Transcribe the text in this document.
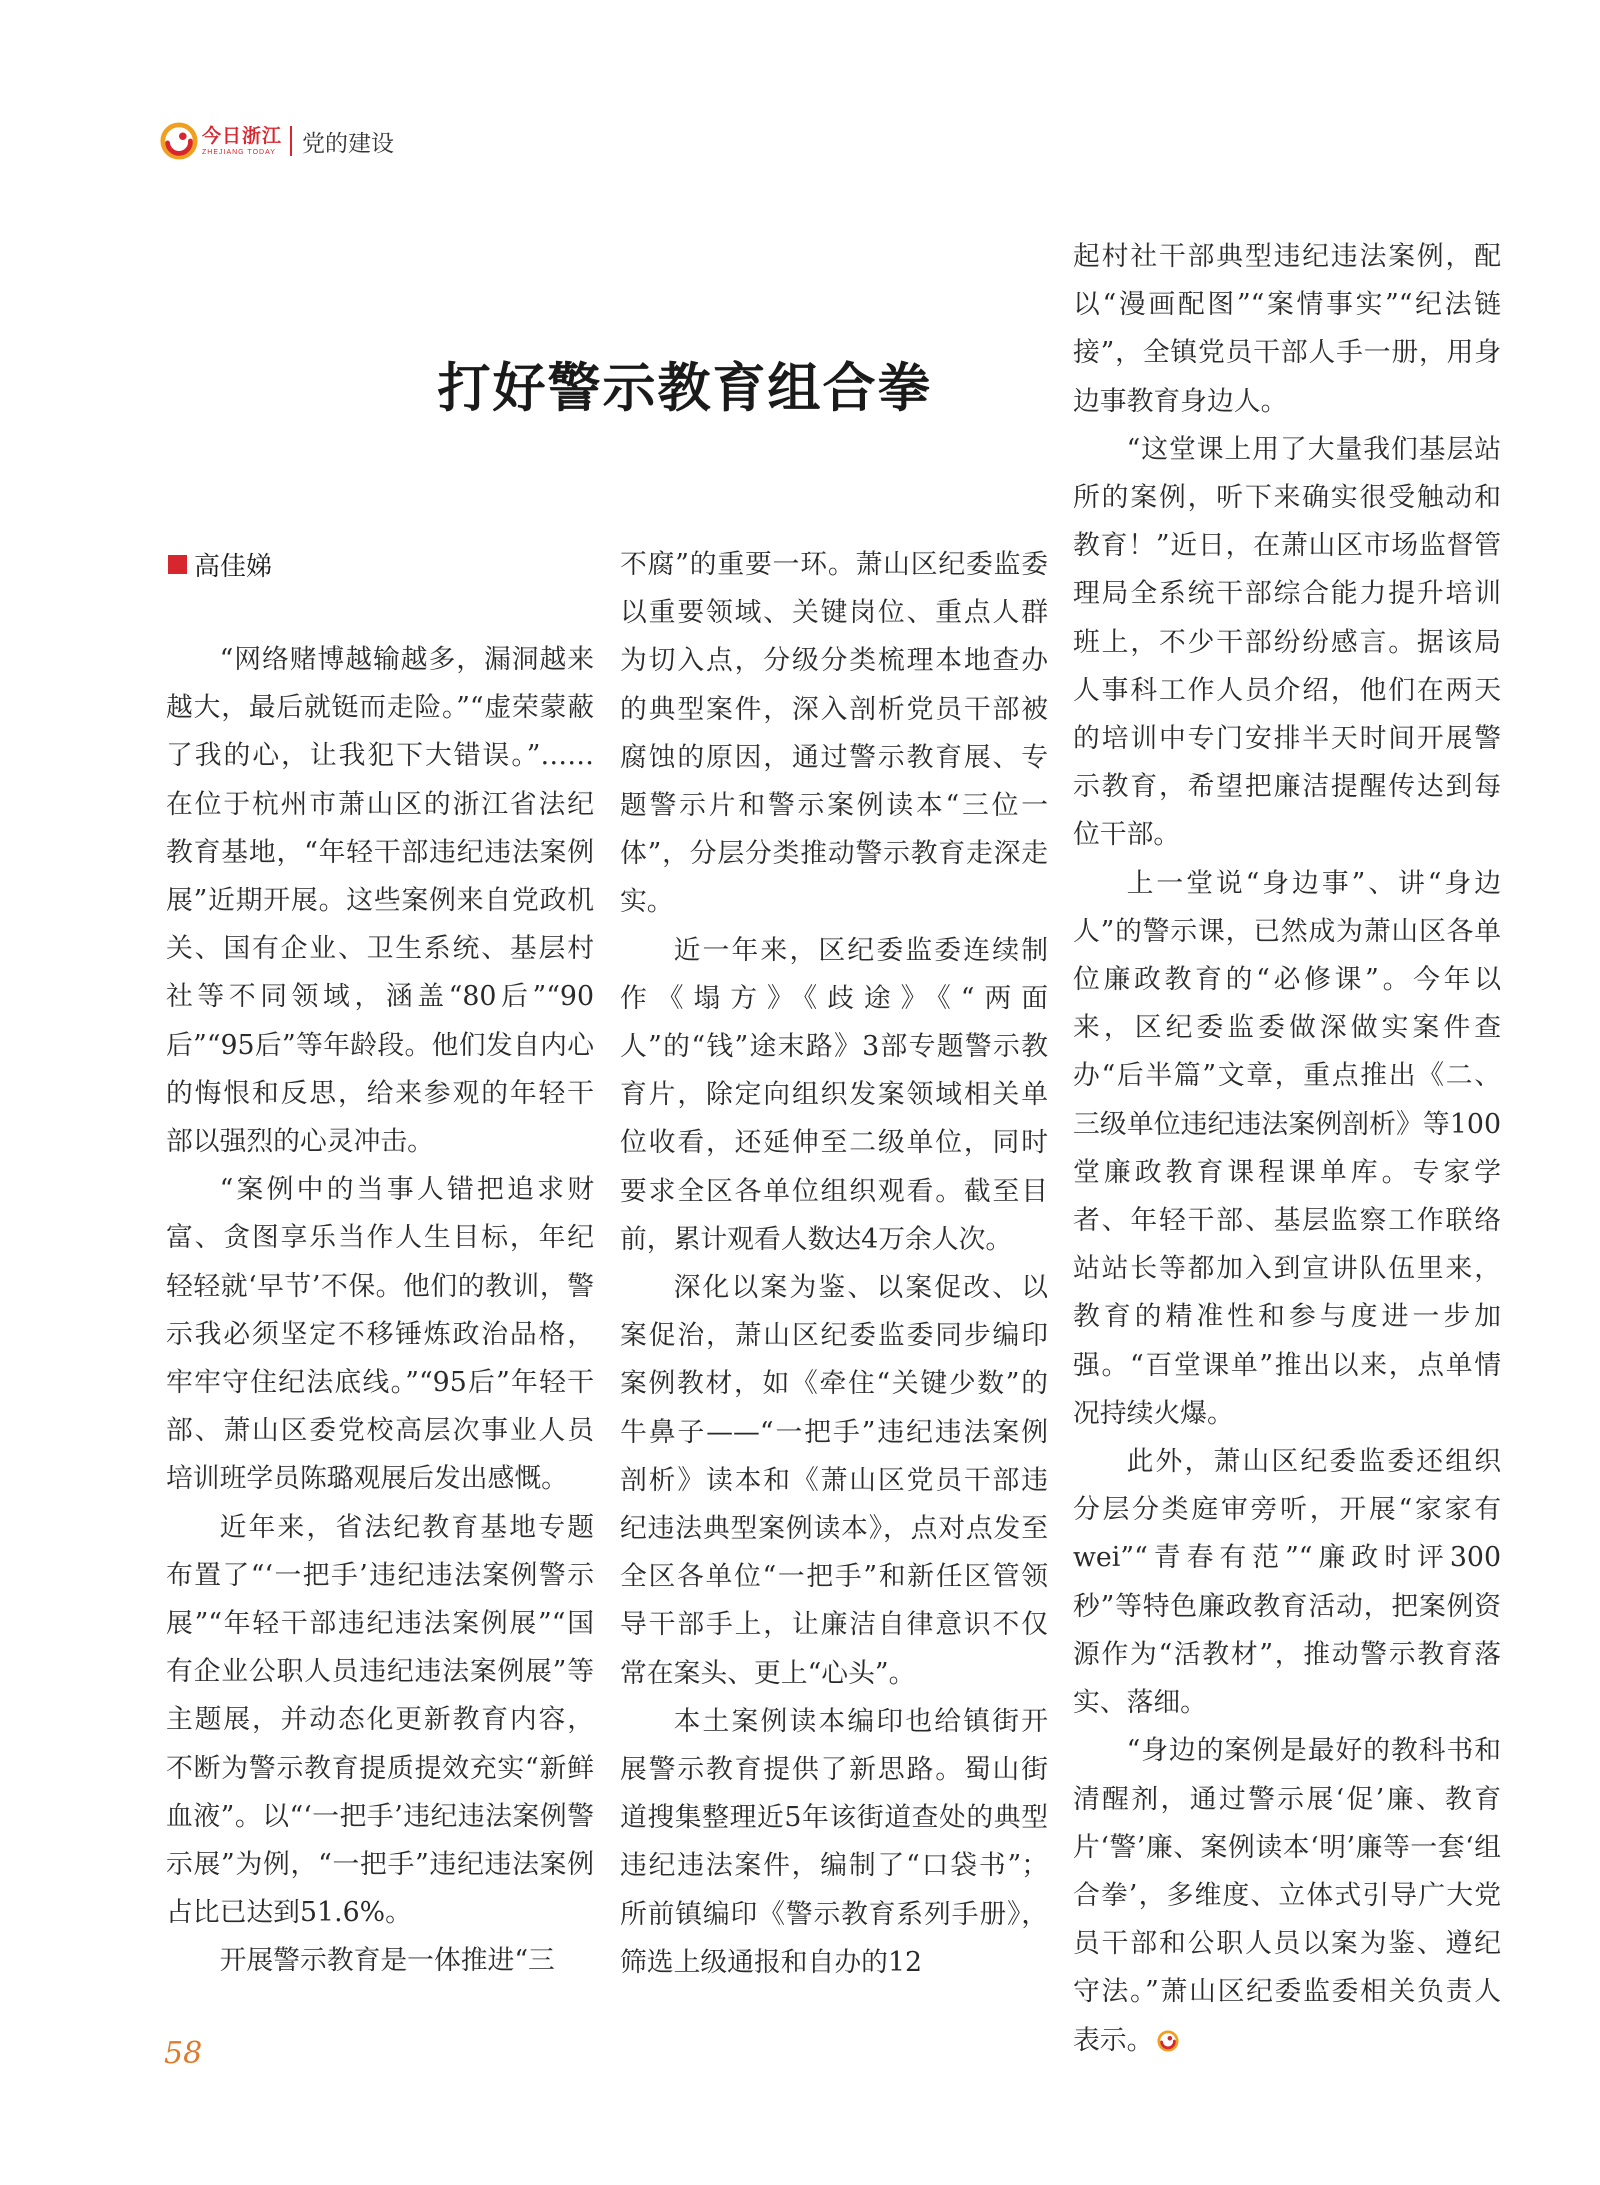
今日浙江
ZHEJIANG TODAY 党的建设
打好警示教育组合拳
高佳娣

“网络赌博越输越多，漏洞越来越大，最后就铤而走险。”“虚荣蒙蔽了我的心，让我犯下大错误。”……在位于杭州市萧山区的浙江省法纪教育基地，“年轻干部违纪违法案例展”近期开展。这些案例来自党政机关、国有企业、卫生系统、基层村社等不同领域，涵盖“80后”“90后”“95后”等年龄段。他们发自内心的悔恨和反思，给来参观的年轻干部以强烈的心灵冲击。

“案例中的当事人错把追求财富、贪图享乐当作人生目标，年纪轻轻就‘早节’不保。他们的教训，警示我必须坚定不移锤炼政治品格，牢牢守住纪法底线。”“95后”年轻干部、萧山区委党校高层次事业人员培训班学员陈璐观展后发出感慨。

近年来，省法纪教育基地专题布置了“‘一把手’违纪违法案例警示展”“年轻干部违纪违法案例展”“国有企业公职人员违纪违法案例展”等主题展，并动态化更新教育内容，不断为警示教育提质提效充实“新鲜血液”。以“‘一把手’违纪违法案例警示展”为例，“一把手”违纪违法案例占比已达到51.6%。

开展警示教育是一体推进“三

不腐”的重要一环。萧山区纪委监委以重要领域、关键岗位、重点人群为切入点，分级分类梳理本地查办的典型案件，深入剖析党员干部被腐蚀的原因，通过警示教育展、专题警示片和警示案例读本“三位一体”，分层分类推动警示教育走深走实。

近一年来，区纪委监委连续制作《塌方》《歧途》《“两面人”的“钱”途末路》3部专题警示教育片，除定向组织发案领域相关单位收看，还延伸至二级单位，同时要求全区各单位组织观看。截至目前，累计观看人数达4万余人次。

深化以案为鉴、以案促改、以案促治，萧山区纪委监委同步编印案例教材，如《牵住“关键少数”的牛鼻子——“一把手”违纪违法案例剖析》读本和《萧山区党员干部违纪违法典型案例读本》，点对点发至全区各单位“一把手”和新任区管领导干部手上，让廉洁自律意识不仅常在案头、更上“心头”。

本土案例读本编印也给镇街开展警示教育提供了新思路。蜀山街道搜集整理近5年该街道查处的典型违纪违法案件，编制了“口袋书”；所前镇编印《警示教育系列手册》，筛选上级通报和自办的12

起村社干部典型违纪违法案例，配以“漫画配图”“案情事实”“纪法链接”，全镇党员干部人手一册，用身边事教育身边人。

“这堂课上用了大量我们基层站所的案例，听下来确实很受触动和教育！”近日，在萧山区市场监督管理局全系统干部综合能力提升培训班上，不少干部纷纷感言。据该局人事科工作人员介绍，他们在两天的培训中专门安排半天时间开展警示教育，希望把廉洁提醒传达到每位干部。

上一堂说“身边事”、讲“身边人”的警示课，已然成为萧山区各单位廉政教育的“必修课”。今年以来，区纪委监委做深做实案件查办“后半篇”文章，重点推出《二、三级单位违纪违法案例剖析》等100堂廉政教育课程课单库。专家学者、年轻干部、基层监察工作联络站站长等都加入到宣讲队伍里来，教育的精准性和参与度进一步加强。“百堂课单”推出以来，点单情况持续火爆。

此外，萧山区纪委监委还组织分层分类庭审旁听，开展“家家有wei”“青春有范”“廉政时评300秒”等特色廉政教育活动，把案例资源作为“活教材”，推动警示教育落实、落细。

“身边的案例是最好的教科书和清醒剂，通过警示展‘促’廉、教育片‘警’廉、案例读本‘明’廉等一套‘组合拳’，多维度、立体式引导广大党员干部和公职人员以案为鉴、遵纪守法。”萧山区纪委监委相关负责人表示。

58
